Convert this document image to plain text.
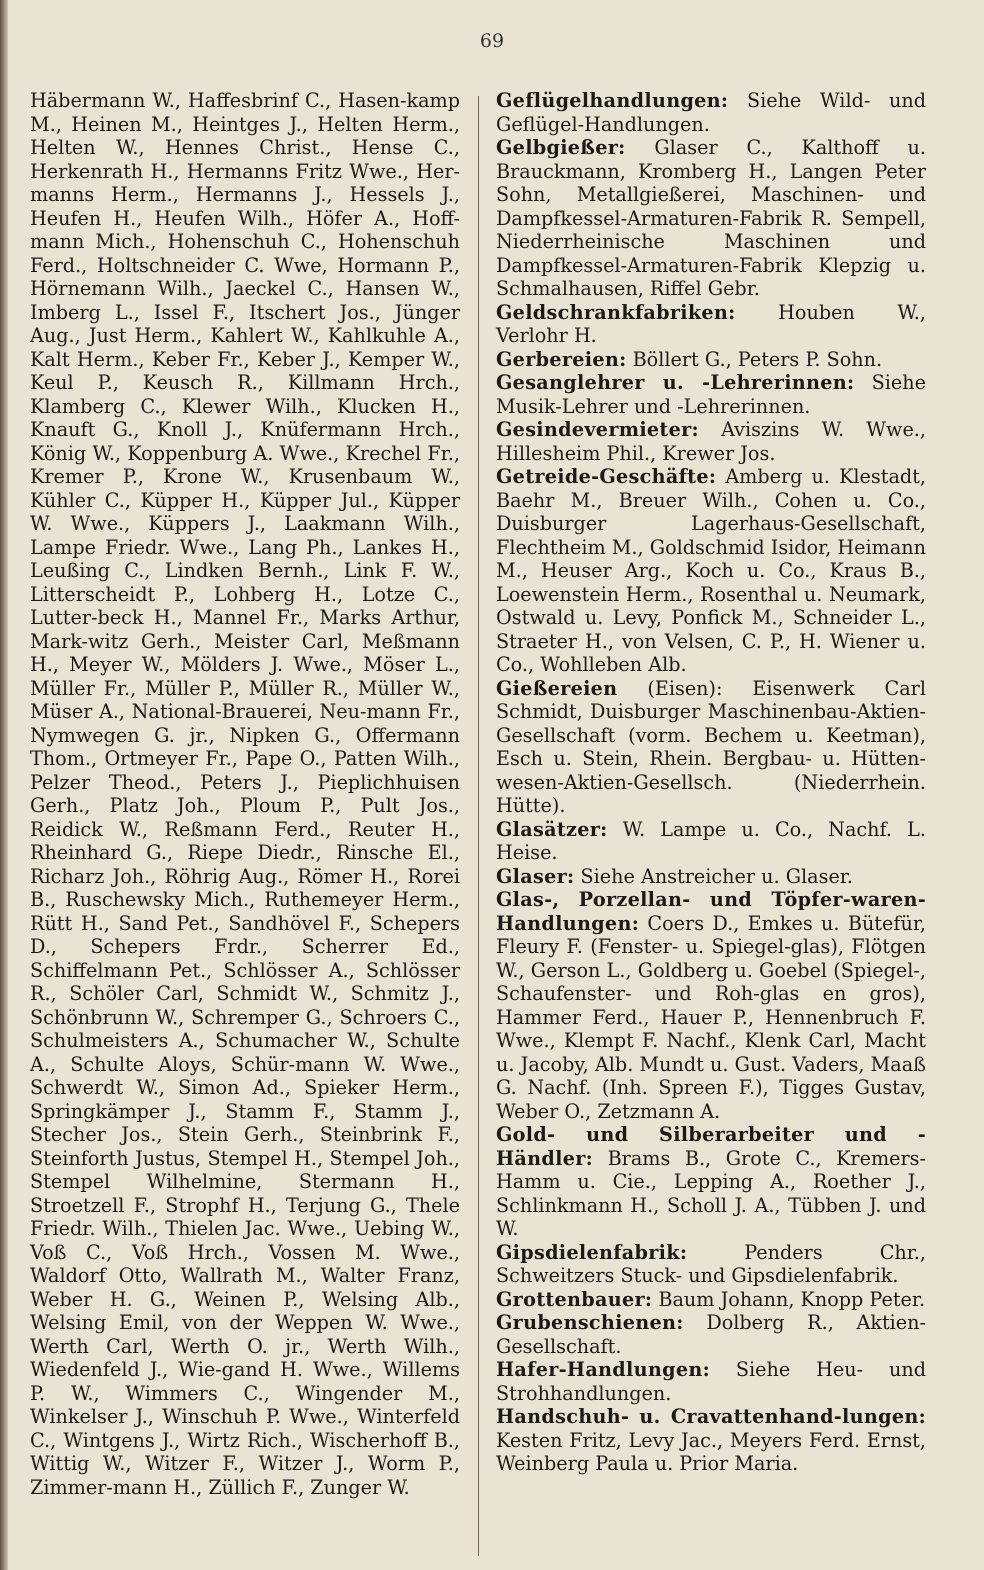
69

Häbermann W., Haffesbrinf C., Hasen-kamp M., Heinen M., Heintges J., Helten Herm., Helten W., Hennes Christ., Hense C., Herkenrath H., Hermanns Fritz Wwe., Her-manns Herm., Hermanns J., Hessels J., Heufen H., Heufen Wilh., Höfer A., Hoff-mann Mich., Hohenschuh C., Hohenschuh Ferd., Holtschneider C. Wwe, Hormann P., Hörnemann Wilh., Jaeckel C., Hansen W., Imberg L., Issel F., Itschert Jos., Jünger Aug., Just Herm., Kahlert W., Kahlkuhle A., Kalt Herm., Keber Fr., Keber J., Kemper W., Keul P., Keusch R., Killmann Hrch., Klamberg C., Klewer Wilh., Klucken H., Knauft G., Knoll J., Knüfermann Hrch., König W., Koppenburg A. Wwe., Krechel Fr., Kremer P., Krone W., Krusenbaum W., Kühler C., Küpper H., Küpper Jul., Küpper W. Wwe., Küppers J., Laakmann Wilh., Lampe Friedr. Wwe., Lang Ph., Lankes H., Leußing C., Lindken Bernh., Link F. W., Litterscheidt P., Lohberg H., Lotze C., Lutter-beck H., Mannel Fr., Marks Arthur, Mark-witz Gerh., Meister Carl, Meßmann H., Meyer W., Mölders J. Wwe., Möser L., Müller Fr., Müller P., Müller R., Müller W., Müser A., National-Brauerei, Neu-mann Fr., Nymwegen G. jr., Nipken G., Offermann Thom., Ortmeyer Fr., Pape O., Patten Wilh., Pelzer Theod., Peters J., Pieplichhuisen Gerh., Platz Joh., Ploum P., Pult Jos., Reidick W., Reßmann Ferd., Reuter H., Rheinhard G., Riepe Diedr., Rinsche El., Richarz Joh., Röhrig Aug., Römer H., Rorei B., Ruschewsky Mich., Ruthemeyer Herm., Rütt H., Sand Pet., Sandhövel F., Schepers D., Schepers Frdr., Scherrer Ed., Schiffelmann Pet., Schlösser A., Schlösser R., Schöler Carl, Schmidt W., Schmitz J., Schönbrunn W., Schremper G., Schroers C., Schulmeisters A., Schumacher W., Schulte A., Schulte Aloys, Schür-mann W. Wwe., Schwerdt W., Simon Ad., Spieker Herm., Springkämper J., Stamm F., Stamm J., Stecher Jos., Stein Gerh., Steinbrink F., Steinforth Justus, Stempel H., Stempel Joh., Stempel Wilhelmine, Stermann H., Stroetzell F., Strophf H., Terjung G., Thele Friedr. Wilh., Thielen Jac. Wwe., Uebing W., Voß C., Voß Hrch., Vossen M. Wwe., Waldorf Otto, Wallrath M., Walter Franz, Weber H. G., Weinen P., Welsing Alb., Welsing Emil, von der Weppen W. Wwe., Werth Carl, Werth O. jr., Werth Wilh., Wiedenfeld J., Wie-gand H. Wwe., Willems P. W., Wimmers C., Wingender M., Winkelser J., Winschuh P. Wwe., Winterfeld C., Wintgens J., Wirtz Rich., Wischerhoff B., Wittig W., Witzer F., Witzer J., Worm P., Zimmer-mann H., Züllich F., Zunger W.

Geflügelhandlungen: Siehe Wild- und Geflügel-Handlungen.

Gelbgießer: Glaser C., Kalthoff u. Brauckmann, Kromberg H., Langen Peter Sohn, Metallgießerei, Maschinen- und Dampfkessel-Armaturen-Fabrik R. Sempell, Niederrheinische Maschinen und Dampfkessel-Armaturen-Fabrik Klepzig u. Schmalhausen, Riffel Gebr.

Geldschrankfabriken: Houben W., Verlohr H.

Gerbereien: Böllert G., Peters P. Sohn.

Gesanglehrer u. -Lehrerinnen: Siehe Musik-Lehrer und -Lehrerinnen.

Gesindevermieter: Aviszins W. Wwe., Hillesheim Phil., Krewer Jos.

Getreide-Geschäfte: Amberg u. Klestadt, Baehr M., Breuer Wilh., Cohen u. Co., Duisburger Lagerhaus-Gesellschaft, Flechtheim M., Goldschmid Isidor, Heimann M., Heuser Arg., Koch u. Co., Kraus B., Loewenstein Herm., Rosenthal u. Neumark, Ostwald u. Levy, Ponfick M., Schneider L., Straeter H., von Velsen, C. P., H. Wiener u. Co., Wohlleben Alb.

Gießereien (Eisen): Eisenwerk Carl Schmidt, Duisburger Maschinenbau-Aktien-Gesellschaft (vorm. Bechem u. Keetman), Esch u. Stein, Rhein. Bergbau- u. Hütten-wesen-Aktien-Gesellsch. (Niederrhein. Hütte).

Glasätzer: W. Lampe u. Co., Nachf. L. Heise.

Glaser: Siehe Anstreicher u. Glaser.

Glas-, Porzellan- und Töpfer-waren-Handlungen: Coers D., Emkes u. Bütefür, Fleury F. (Fenster- u. Spiegel-glas), Flötgen W., Gerson L., Goldberg u. Goebel (Spiegel-, Schaufenster- und Roh-glas en gros), Hammer Ferd., Hauer P., Hennenbruch F. Wwe., Klempt F. Nachf., Klenk Carl, Macht u. Jacoby, Alb. Mundt u. Gust. Vaders, Maaß G. Nachf. (Inh. Spreen F.), Tigges Gustav, Weber O., Zetzmann A.

Gold- und Silberarbeiter und -Händler: Brams B., Grote C., Kremers-Hamm u. Cie., Lepping A., Roether J., Schlinkmann H., Scholl J. A., Tübben J. und W.

Gipsdielenfabrik: Penders Chr., Schweitzers Stuck- und Gipsdielenfabrik.

Grottenbauer: Baum Johann, Knopp Peter.

Grubenschienen: Dolberg R., Aktien-Gesellschaft.

Hafer-Handlungen: Siehe Heu- und Strohhandlungen.

Handschuh- u. Cravattenhand-lungen: Kesten Fritz, Levy Jac., Meyers Ferd. Ernst, Weinberg Paula u. Prior Maria.
